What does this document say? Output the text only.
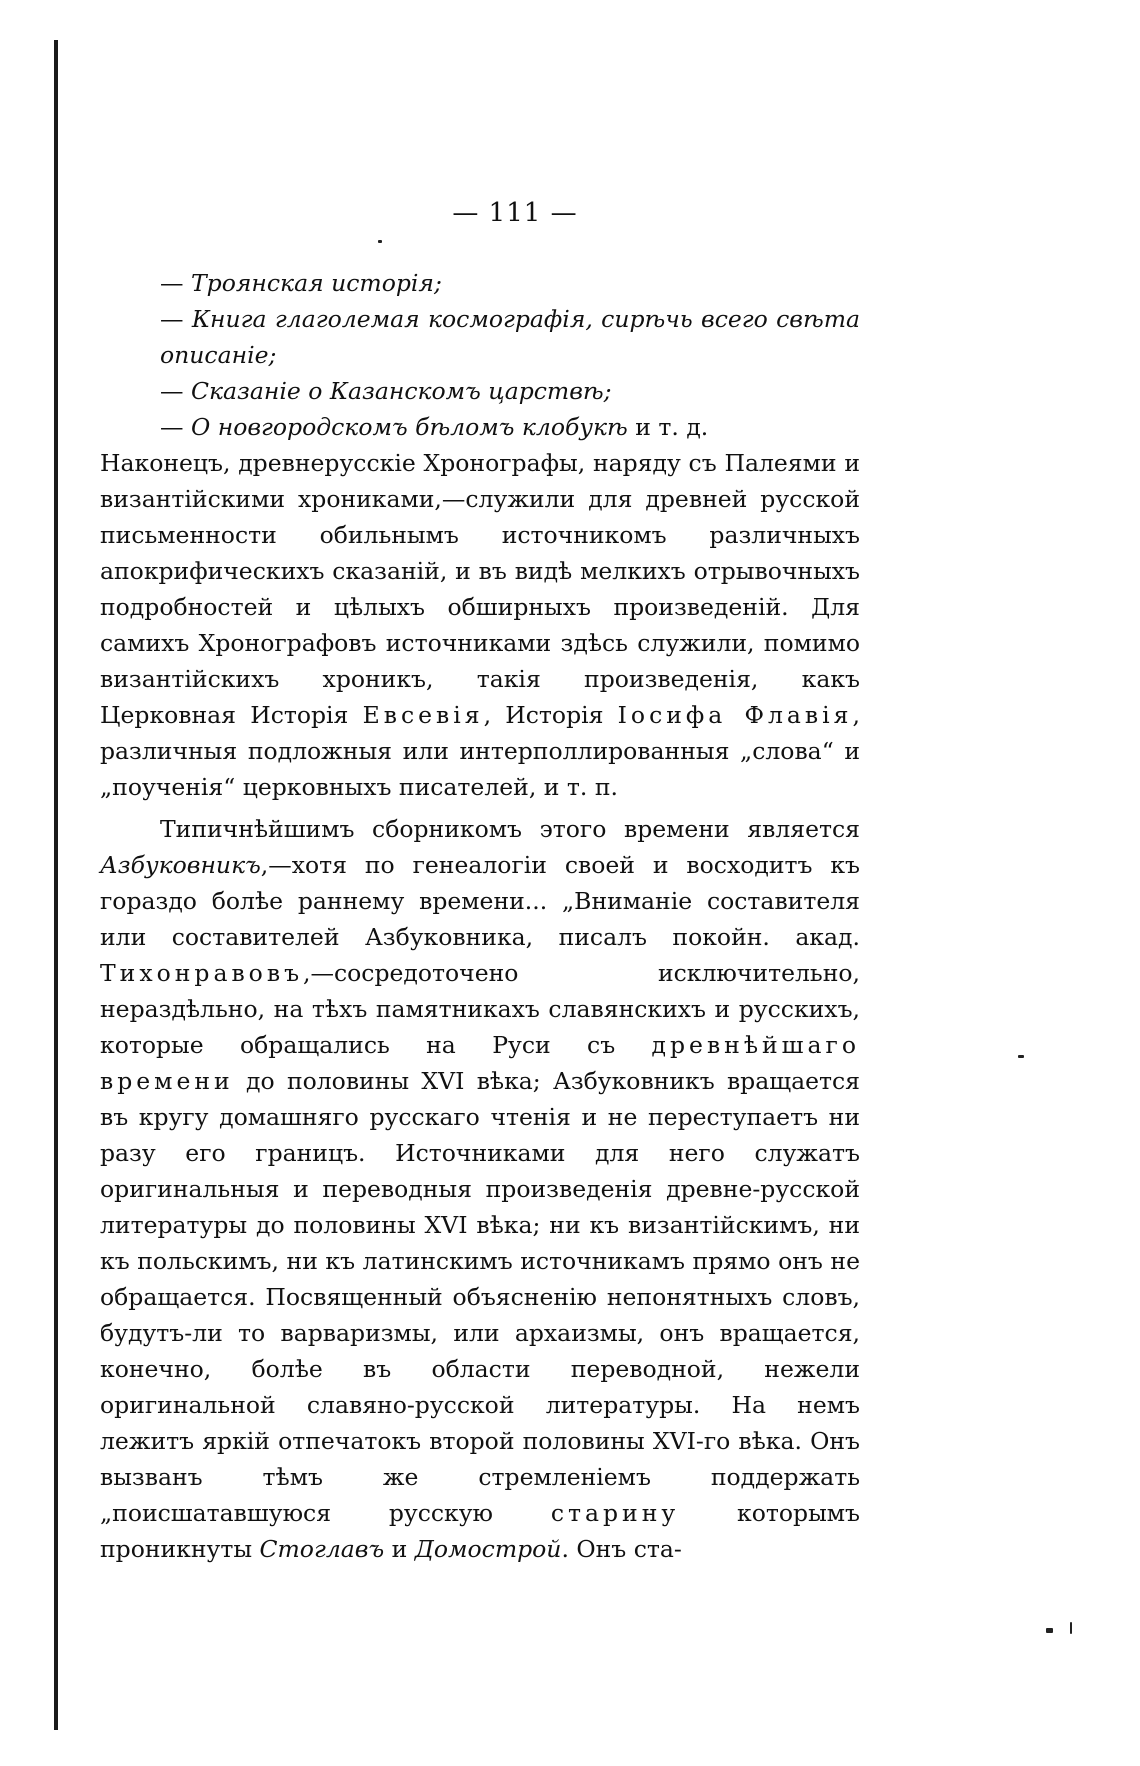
— 111 —

— Троянская исторія;

— Книга глаголемая космографія, сирѣчь всего свѣта описаніе;

— Сказаніе о Казанскомъ царствѣ;

— О новгородскомъ бѣломъ клобукѣ и т. д.

Наконецъ, древнерусскіе Хронографы, наряду съ Палеями и византійскими хрониками,—служили для древней русской письменности обильнымъ источникомъ различныхъ апокрифическихъ сказаній, и въ видѣ мелкихъ отрывочныхъ подробностей и цѣлыхъ обширныхъ произведеній. Для самихъ Хронографовъ источниками здѣсь служили, помимо византійскихъ хроникъ, такія произведенія, какъ Церковная Исторія Евсевія, Исторія Іосифа Флавія, различныя подложныя или интерполлированныя „слова“ и „поученія“ церковныхъ писателей, и т. п.

Типичнѣйшимъ сборникомъ этого времени является Азбуковникъ,—хотя по генеалогіи своей и восходитъ къ гораздо болѣе раннему времени... „Вниманіе составителя или составителей Азбуковника, писалъ покойн. акад. Тихонравовъ,—сосредоточено исключительно, нераздѣльно, на тѣхъ памятникахъ славянскихъ и русскихъ, которые обращались на Руси съ древнѣйшаго времени до половины XVI вѣка; Азбуковникъ вращается въ кругу домашняго русскаго чтенія и не переступаетъ ни разу его границъ. Источниками для него служатъ оригинальныя и переводныя произведенія древне-русской литературы до половины XVI вѣка; ни къ византійскимъ, ни къ польскимъ, ни къ латинскимъ источникамъ прямо онъ не обращается. Посвященный объясненію непонятныхъ словъ, будутъ-ли то варваризмы, или архаизмы, онъ вращается, конечно, болѣе въ области переводной, нежели оригинальной славяно-русской литературы. На немъ лежитъ яркій отпечатокъ второй половины XVI-го вѣка. Онъ вызванъ тѣмъ же стремленіемъ поддержать „поисшатавшуюся русскую старину которымъ проникнуты Стоглавъ и Домострой. Онъ ста-
